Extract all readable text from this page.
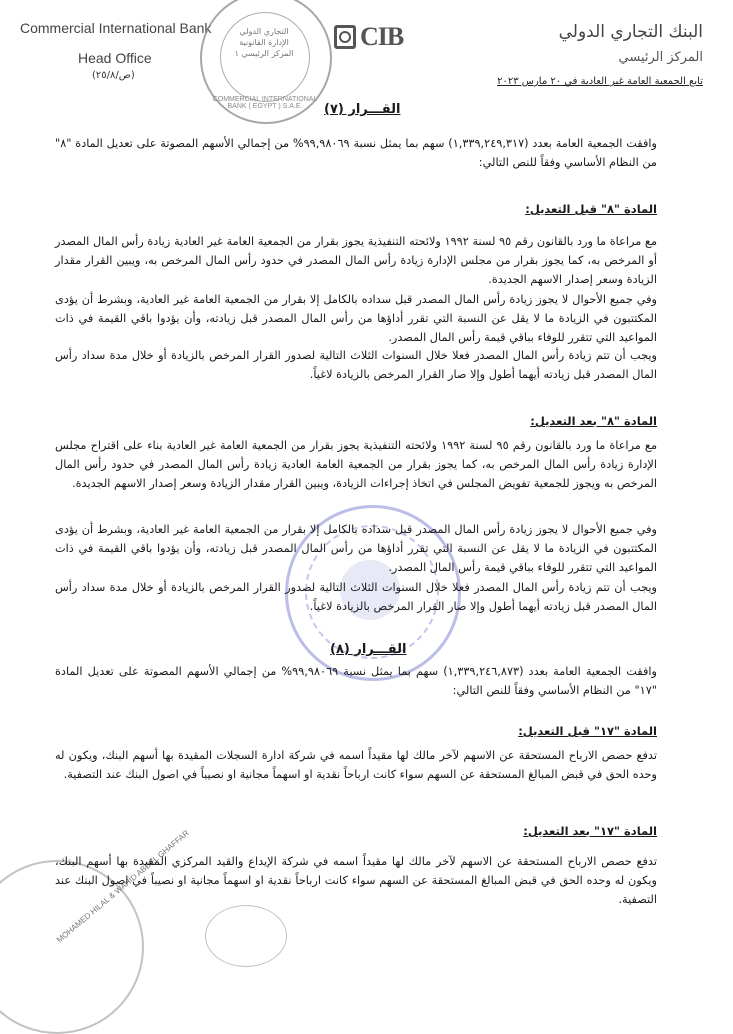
Commercial International Bank
Head Office
(ص/٢٥/٨)
CIB	البنك التجاري الدولي
المركز الرئيسي
تابع الجمعية العامة غير العادية في ٢٠ مارس ٢٠٢٣
التجاري الدولي الإدارة القانونية المركز الرئيسي ١
COMMERCIAL INTERNATIONAL BANK ( EGYPT ) S.A.E.
MOHAMED HILAL & WAHID ABDEL GHAFFAR
القـــرار (٧)

وافقت الجمعية العامة بعدد (١,٣٣٩,٢٤٩,٣١٧) سهم بما يمثل نسبة ٩٩,٩٨٠٦٩% من إجمالي الأسهم المصوتة على تعديل المادة "٨" من النظام الأساسي وفقاً للنص التالي:

المادة "٨" قبل التعديل:

مع مراعاة ما ورد بالقانون رقم ٩٥ لسنة ١٩٩٢ ولائحته التنفيذية يجوز بقرار من الجمعية العامة غير العادية زيادة رأس المال المصدر أو المرخص به، كما يجوز بقرار من مجلس الإدارة زيادة رأس المال المصدر في حدود رأس المال المرخص به، ويبين القرار مقدار الزيادة وسعر إصدار الاسهم الجديدة.

وفي جميع الأحوال لا يجوز زيادة رأس المال المصدر قبل سداده بالكامل إلا بقرار من الجمعية العامة غير العادية، وبشرط أن يؤدى المكتتبون في الزيادة ما لا يقل عن النسبة التي تقرر أداؤها من رأس المال المصدر قبل زيادته، وأن يؤدوا باقي القيمة في ذات المواعيد التي تتقرر للوفاء بباقي قيمة رأس المال المصدر.

ويجب أن تتم زيادة رأس المال المصدر فعلا خلال السنوات الثلاث التالية لصدور القرار المرخص بالزيادة أو خلال مدة سداد رأس المال المصدر قبل زيادته أيهما أطول وإلا صار القرار المرخص بالزيادة لاغياً.

المادة "٨" بعد التعديل:

مع مراعاة ما ورد بالقانون رقم ٩٥ لسنة ١٩٩٢ ولائحته التنفيذية يجوز بقرار من الجمعية العامة غير العادية بناء على اقتراح مجلس الإدارة زيادة رأس المال المرخص به، كما يجوز بقرار من الجمعية العامة العادية زيادة رأس المال المصدر في حدود رأس المال المرخص به ويجوز للجمعية تفويض المجلس في اتخاذ إجراءات الزيادة، ويبين القرار مقدار الزيادة وسعر إصدار الاسهم الجديدة.

وفي جميع الأحوال لا يجوز زيادة رأس المال المصدر قبل سداده بالكامل إلا بقرار من الجمعية العامة غير العادية، وبشرط أن يؤدى المكتتبون في الزيادة ما لا يقل عن النسبة التي تقرر أداؤها من رأس المال المصدر قبل زيادته، وأن يؤدوا باقي القيمة في ذات المواعيد التي تتقرر للوفاء بباقي قيمة رأس المال المصدر.

ويجب أن تتم زيادة رأس المال المصدر فعلا خلال السنوات الثلاث التالية لصدور القرار المرخص بالزيادة أو خلال مدة سداد رأس المال المصدر قبل زيادته أيهما أطول وإلا صار القرار المرخص بالزيادة لاغياً.

القـــرار (٨)

وافقت الجمعية العامة بعدد (١,٣٣٩,٢٤٦,٨٧٣) سهم بما يمثل نسبة ٩٩,٩٨٠٦٩% من إجمالي الأسهم المصوتة على تعديل المادة "١٧" من النظام الأساسي وفقاً للنص التالي:

المادة "١٧" قبل التعديل:

تدفع حصص الارباح المستحقة عن الاسهم لآخر مالك لها مقيداً اسمه في شركة ادارة السجلات المقيدة بها أسهم البنك، ويكون له وحده الحق في قبض المبالغ المستحقة عن السهم سواء كانت ارباحاً نقدية او اسهماً مجانية او نصيباً في اصول البنك عند التصفية.

المادة "١٧" بعد التعديل:

تدفع حصص الارباح المستحقة عن الاسهم لآخر مالك لها مقيداً اسمه في شركة الإيداع والقيد المركزي المقيدة بها أسهم البنك، ويكون له وحده الحق في قبض المبالغ المستحقة عن السهم سواء كانت ارباحاً نقدية او اسهماً مجانية او نصيباً في اصول البنك عند التصفية.
